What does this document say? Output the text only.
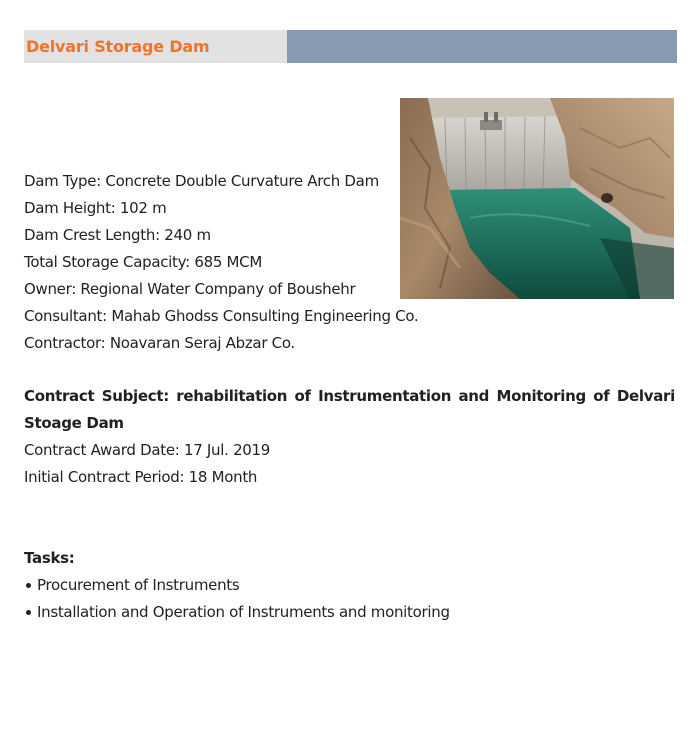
Delvari Storage Dam
Dam Type: Concrete Double Curvature Arch Dam
Dam Height: 102 m
Dam Crest Length: 240 m
Total Storage Capacity: 685 MCM
Owner: Regional Water Company of Boushehr
Consultant: Mahab Ghodss Consulting Engineering Co.
Contractor: Noavaran Seraj Abzar Co.
Contract Subject: rehabilitation of Instrumentation and Monitoring of Delvari Stoage Dam
Contract Award Date: 17 Jul. 2019
Initial Contract Period: 18 Month
Tasks:
Procurement of Instruments
Installation and Operation of Instruments and monitoring
